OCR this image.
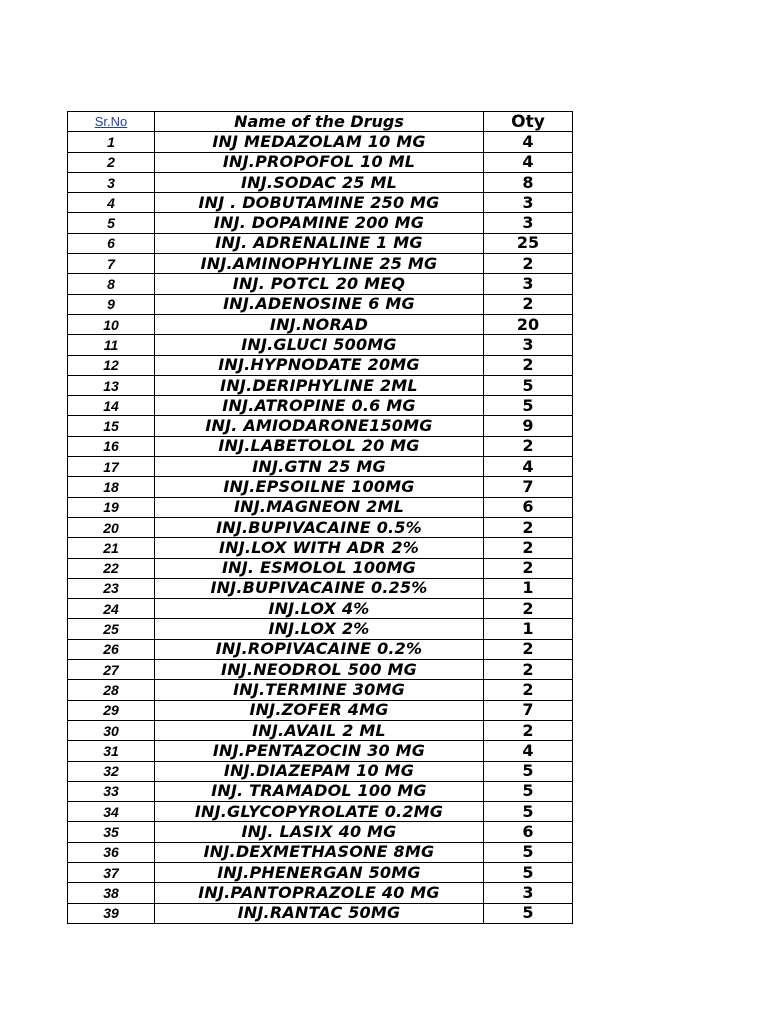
Sr.No	Name of the Drugs	Oty
1	INJ MEDAZOLAM 10 MG	4
2	INJ.PROPOFOL 10 ML	4
3	INJ.SODAC 25 ML	8
4	INJ . DOBUTAMINE 250 MG	3
5	INJ. DOPAMINE 200 MG	3
6	INJ. ADRENALINE 1 MG	25
7	INJ.AMINOPHYLINE 25 MG	2
8	INJ. POTCL 20 MEQ	3
9	INJ.ADENOSINE 6 MG	2
10	INJ.NORAD	20
11	INJ.GLUCI 500MG	3
12	INJ.HYPNODATE 20MG	2
13	INJ.DERIPHYLINE 2ML	5
14	INJ.ATROPINE 0.6 MG	5
15	INJ. AMIODARONE150MG	9
16	INJ.LABETOLOL 20 MG	2
17	INJ.GTN 25 MG	4
18	INJ.EPSOILNE 100MG	7
19	INJ.MAGNEON 2ML	6
20	INJ.BUPIVACAINE 0.5%	2
21	INJ.LOX WITH ADR 2%	2
22	INJ. ESMOLOL 100MG	2
23	INJ.BUPIVACAINE 0.25%	1
24	INJ.LOX 4%	2
25	INJ.LOX 2%	1
26	INJ.ROPIVACAINE 0.2%	2
27	INJ.NEODROL 500 MG	2
28	INJ.TERMINE 30MG	2
29	INJ.ZOFER 4MG	7
30	INJ.AVAIL 2 ML	2
31	INJ.PENTAZOCIN 30 MG	4
32	INJ.DIAZEPAM 10 MG	5
33	INJ. TRAMADOL 100 MG	5
34	INJ.GLYCOPYROLATE 0.2MG	5
35	INJ. LASIX 40 MG	6
36	INJ.DEXMETHASONE 8MG	5
37	INJ.PHENERGAN 50MG	5
38	INJ.PANTOPRAZOLE 40 MG	3
39	INJ.RANTAC 50MG	5
